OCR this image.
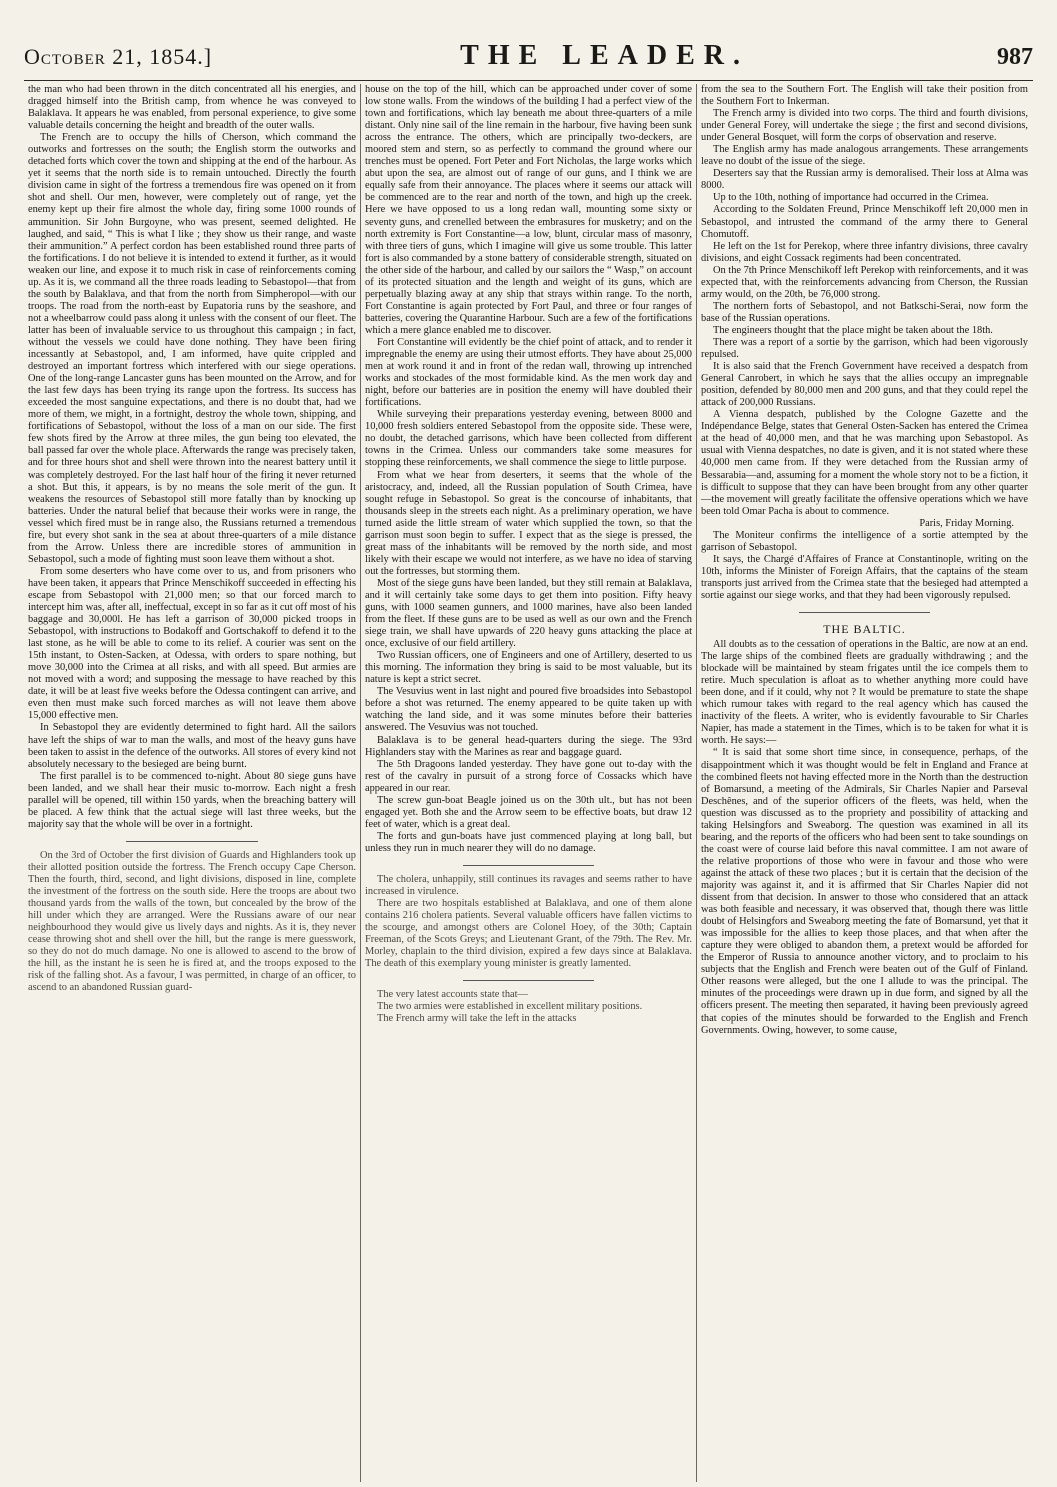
October 21, 1854.]	THE LEADER.	987

the man who had been thrown in the ditch concentrated all his energies, and dragged himself into the British camp, from whence he was conveyed to Balaklava. It appears he was enabled, from personal experience, to give some valuable details concerning the height and breadth of the outer walls.

The French are to occupy the hills of Cherson, which command the outworks and fortresses on the south; the English storm the outworks and detached forts which cover the town and shipping at the end of the harbour. As yet it seems that the north side is to remain untouched. Directly the fourth division came in sight of the fortress a tremendous fire was opened on it from shot and shell. Our men, however, were completely out of range, yet the enemy kept up their fire almost the whole day, firing some 1000 rounds of ammunition. Sir John Burgoyne, who was present, seemed delighted. He laughed, and said, “ This is what I like ; they show us their range, and waste their ammunition.” A perfect cordon has been established round three parts of the fortifications. I do not believe it is intended to extend it further, as it would weaken our line, and expose it to much risk in case of reinforcements coming up. As it is, we command all the three roads leading to Sebastopol—that from the south by Balaklava, and that from the north from Simpheropol—with our troops. The road from the north-east by Eupatoria runs by the seashore, and not a wheelbarrow could pass along it unless with the consent of our fleet. The latter has been of invaluable service to us throughout this campaign ; in fact, without the vessels we could have done nothing. They have been firing incessantly at Sebastopol, and, I am informed, have quite crippled and destroyed an important fortress which interfered with our siege operations. One of the long-range Lancaster guns has been mounted on the Arrow, and for the last few days has been trying its range upon the fortress. Its success has exceeded the most sanguine expectations, and there is no doubt that, had we more of them, we might, in a fortnight, destroy the whole town, shipping, and fortifications of Sebastopol, without the loss of a man on our side. The first few shots fired by the Arrow at three miles, the gun being too elevated, the ball passed far over the whole place. Afterwards the range was precisely taken, and for three hours shot and shell were thrown into the nearest battery until it was completely destroyed. For the last half hour of the firing it never returned a shot. But this, it appears, is by no means the sole merit of the gun. It weakens the resources of Sebastopol still more fatally than by knocking up batteries. Under the natural belief that because their works were in range, the vessel which fired must be in range also, the Russians returned a tremendous fire, but every shot sank in the sea at about three-quarters of a mile distance from the Arrow. Unless there are incredible stores of ammunition in Sebastopol, such a mode of fighting must soon leave them without a shot.

From some deserters who have come over to us, and from prisoners who have been taken, it appears that Prince Menschikoff succeeded in effecting his escape from Sebastopol with 21,000 men; so that our forced march to intercept him was, after all, ineffectual, except in so far as it cut off most of his baggage and 30,000l. He has left a garrison of 30,000 picked troops in Sebastopol, with instructions to Bodakoff and Gortschakoff to defend it to the last stone, as he will be able to come to its relief. A courier was sent on the 15th instant, to Osten-Sacken, at Odessa, with orders to spare nothing, but move 30,000 into the Crimea at all risks, and with all speed. But armies are not moved with a word; and supposing the message to have reached by this date, it will be at least five weeks before the Odessa contingent can arrive, and even then must make such forced marches as will not leave them above 15,000 effective men.

In Sebastopol they are evidently determined to fight hard. All the sailors have left the ships of war to man the walls, and most of the heavy guns have been taken to assist in the defence of the outworks. All stores of every kind not absolutely necessary to the besieged are being burnt.

The first parallel is to be commenced to-night. About 80 siege guns have been landed, and we shall hear their music to-morrow. Each night a fresh parallel will be opened, till within 150 yards, when the breaching battery will be placed. A few think that the actual siege will last three weeks, but the majority say that the whole will be over in a fortnight.

On the 3rd of October the first division of Guards and Highlanders took up their allotted position outside the fortress. The French occupy Cape Cherson. Then the fourth, third, second, and light divisions, disposed in line, complete the investment of the fortress on the south side. Here the troops are about two thousand yards from the walls of the town, but concealed by the brow of the hill under which they are arranged. Were the Russians aware of our near neighbourhood they would give us lively days and nights. As it is, they never cease throwing shot and shell over the hill, but the range is mere guesswork, so they do not do much damage. No one is allowed to ascend to the brow of the hill, as the instant he is seen he is fired at, and the troops exposed to the risk of the falling shot. As a favour, I was permitted, in charge of an officer, to ascend to an abandoned Russian guard-

house on the top of the hill, which can be approached under cover of some low stone walls. From the windows of the building I had a perfect view of the town and fortifications, which lay beneath me about three-quarters of a mile distant. Only nine sail of the line remain in the harbour, five having been sunk across the entrance. The others, which are principally two-deckers, are moored stem and stern, so as perfectly to command the ground where our trenches must be opened. Fort Peter and Fort Nicholas, the large works which abut upon the sea, are almost out of range of our guns, and I think we are equally safe from their annoyance. The places where it seems our attack will be commenced are to the rear and north of the town, and high up the creek. Here we have opposed to us a long redan wall, mounting some sixty or seventy guns, and crenelled between the embrasures for musketry; and on the north extremity is Fort Constantine—a low, blunt, circular mass of masonry, with three tiers of guns, which I imagine will give us some trouble. This latter fort is also commanded by a stone battery of considerable strength, situated on the other side of the harbour, and called by our sailors the “ Wasp,” on account of its protected situation and the length and weight of its guns, which are perpetually blazing away at any ship that strays within range. To the north, Fort Constantine is again protected by Fort Paul, and three or four ranges of batteries, covering the Quarantine Harbour. Such are a few of the fortifications which a mere glance enabled me to discover.

Fort Constantine will evidently be the chief point of attack, and to render it impregnable the enemy are using their utmost efforts. They have about 25,000 men at work round it and in front of the redan wall, throwing up intrenched works and stockades of the most formidable kind. As the men work day and night, before our batteries are in position the enemy will have doubled their fortifications.

While surveying their preparations yesterday evening, between 8000 and 10,000 fresh soldiers entered Sebastopol from the opposite side. These were, no doubt, the detached garrisons, which have been collected from different towns in the Crimea. Unless our commanders take some measures for stopping these reinforcements, we shall commence the siege to little purpose.

From what we hear from deserters, it seems that the whole of the aristocracy, and, indeed, all the Russian population of South Crimea, have sought refuge in Sebastopol. So great is the concourse of inhabitants, that thousands sleep in the streets each night. As a preliminary operation, we have turned aside the little stream of water which supplied the town, so that the garrison must soon begin to suffer. I expect that as the siege is pressed, the great mass of the inhabitants will be removed by the north side, and most likely with their escape we would not interfere, as we have no idea of starving out the fortresses, but storming them.

Most of the siege guns have been landed, but they still remain at Balaklava, and it will certainly take some days to get them into position. Fifty heavy guns, with 1000 seamen gunners, and 1000 marines, have also been landed from the fleet. If these guns are to be used as well as our own and the French siege train, we shall have upwards of 220 heavy guns attacking the place at once, exclusive of our field artillery.

Two Russian officers, one of Engineers and one of Artillery, deserted to us this morning. The information they bring is said to be most valuable, but its nature is kept a strict secret.

The Vesuvius went in last night and poured five broadsides into Sebastopol before a shot was returned. The enemy appeared to be quite taken up with watching the land side, and it was some minutes before their batteries answered. The Vesuvius was not touched.

Balaklava is to be general head-quarters during the siege. The 93rd Highlanders stay with the Marines as rear and baggage guard.

The 5th Dragoons landed yesterday. They have gone out to-day with the rest of the cavalry in pursuit of a strong force of Cossacks which have appeared in our rear.

The screw gun-boat Beagle joined us on the 30th ult., but has not been engaged yet. Both she and the Arrow seem to be effective boats, but draw 12 feet of water, which is a great deal.

The forts and gun-boats have just commenced playing at long ball, but unless they run in much nearer they will do no damage.

The cholera, unhappily, still continues its ravages and seems rather to have increased in virulence.

There are two hospitals established at Balaklava, and one of them alone contains 216 cholera patients. Several valuable officers have fallen victims to the scourge, and amongst others are Colonel Hoey, of the 30th; Captain Freeman, of the Scots Greys; and Lieutenant Grant, of the 79th. The Rev. Mr. Morley, chaplain to the third division, expired a few days since at Balaklava. The death of this exemplary young minister is greatly lamented.

The very latest accounts state that—

The two armies were established in excellent military positions.

The French army will take the left in the attacks

from the sea to the Southern Fort. The English will take their position from the Southern Fort to Inkerman.

The French army is divided into two corps. The third and fourth divisions, under General Forey, will undertake the siege ; the first and second divisions, under General Bosquet, will form the corps of observation and reserve.

The English army has made analogous arrangements. These arrangements leave no doubt of the issue of the siege.

Deserters say that the Russian army is demoralised. Their loss at Alma was 8000.

Up to the 10th, nothing of importance had occurred in the Crimea.

According to the Soldaten Freund, Prince Menschikoff left 20,000 men in Sebastopol, and intrusted the command of the army there to General Chomutoff.

He left on the 1st for Perekop, where three infantry divisions, three cavalry divisions, and eight Cossack regiments had been concentrated.

On the 7th Prince Menschikoff left Perekop with reinforcements, and it was expected that, with the reinforcements advancing from Cherson, the Russian army would, on the 20th, be 76,000 strong.

The northern forts of Sebastopol, and not Batkschi-Serai, now form the base of the Russian operations.

The engineers thought that the place might be taken about the 18th.

There was a report of a sortie by the garrison, which had been vigorously repulsed.

It is also said that the French Government have received a despatch from General Canrobert, in which he says that the allies occupy an impregnable position, defended by 80,000 men and 200 guns, and that they could repel the attack of 200,000 Russians.

A Vienna despatch, published by the Cologne Gazette and the Indépendance Belge, states that General Osten-Sacken has entered the Crimea at the head of 40,000 men, and that he was marching upon Sebastopol. As usual with Vienna despatches, no date is given, and it is not stated where these 40,000 men came from. If they were detached from the Russian army of Bessarabia—and, assuming for a moment the whole story not to be a fiction, it is difficult to suppose that they can have been brought from any other quarter—the movement will greatly facilitate the offensive operations which we have been told Omar Pacha is about to commence.

Paris, Friday Morning.

The Moniteur confirms the intelligence of a sortie attempted by the garrison of Sebastopol.

It says, the Chargé d'Affaires of France at Constantinople, writing on the 10th, informs the Minister of Foreign Affairs, that the captains of the steam transports just arrived from the Crimea state that the besieged had attempted a sortie against our siege works, and that they had been vigorously repulsed.

THE BALTIC.

All doubts as to the cessation of operations in the Baltic, are now at an end. The large ships of the combined fleets are gradually withdrawing ; and the blockade will be maintained by steam frigates until the ice compels them to retire. Much speculation is afloat as to whether anything more could have been done, and if it could, why not ? It would be premature to state the shape which rumour takes with regard to the real agency which has caused the inactivity of the fleets. A writer, who is evidently favourable to Sir Charles Napier, has made a statement in the Times, which is to be taken for what it is worth. He says:—

“ It is said that some short time since, in consequence, perhaps, of the disappointment which it was thought would be felt in England and France at the combined fleets not having effected more in the North than the destruction of Bomarsund, a meeting of the Admirals, Sir Charles Napier and Parseval Deschênes, and of the superior officers of the fleets, was held, when the question was discussed as to the propriety and possibility of attacking and taking Helsingfors and Sweaborg. The question was examined in all its bearing, and the reports of the officers who had been sent to take soundings on the coast were of course laid before this naval committee. I am not aware of the relative proportions of those who were in favour and those who were against the attack of these two places ; but it is certain that the decision of the majority was against it, and it is affirmed that Sir Charles Napier did not dissent from that decision. In answer to those who considered that an attack was both feasible and necessary, it was observed that, though there was little doubt of Helsingfors and Sweaborg meeting the fate of Bomarsund, yet that it was impossible for the allies to keep those places, and that when after the capture they were obliged to abandon them, a pretext would be afforded for the Emperor of Russia to announce another victory, and to proclaim to his subjects that the English and French were beaten out of the Gulf of Finland. Other reasons were alleged, but the one I allude to was the principal. The minutes of the proceedings were drawn up in due form, and signed by all the officers present. The meeting then separated, it having been previously agreed that copies of the minutes should be forwarded to the English and French Governments. Owing, however, to some cause,
